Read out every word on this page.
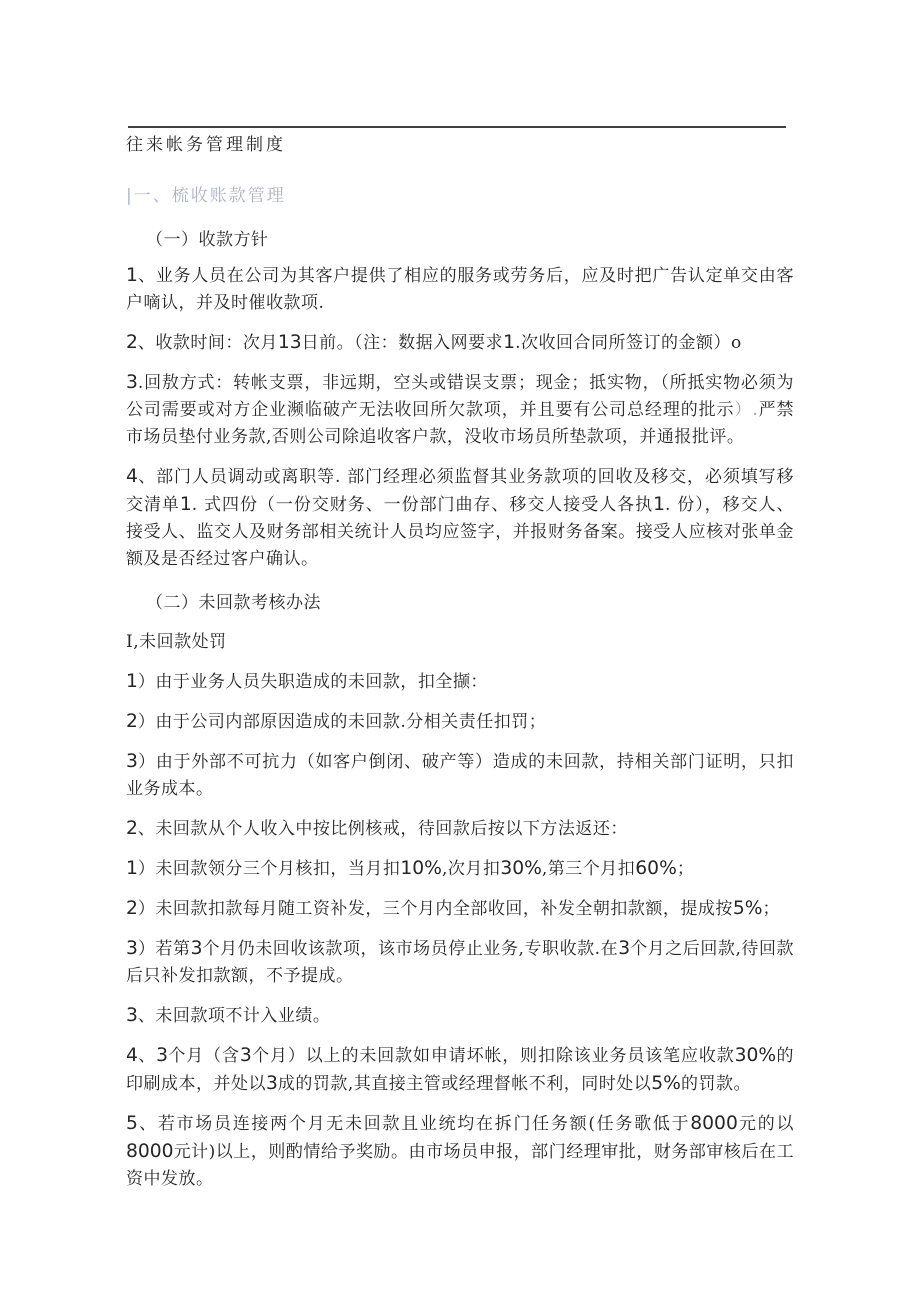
往来帐务管理制度
|一、梳收账款管理

（一）收款方针

1、业务人员在公司为其客户提供了相应的服务或劳务后，应及时把广告认定单交由客户嘀认，并及时催收款项.

2、收款时间：次月13日前。（注：数据入网要求1.次收回合同所签订的金额）o

3.回敖方式：转帐支票，非远期，空头或错误支票；现金；抵实物，（所抵实物必须为公司需要或对方企业濒临破产无法收回所欠款项，并且要有公司总经理的批示）.严禁市场员垫付业务款,否则公司除追收客户款，没收市场员所垫款项，并通报批评。

4、部门人员调动或离职等. 部门经理必须监督其业务款项的回收及移交，必须填写移交清单1. 式四份（一份交财务、一份部门曲存、移交人接受人各执1. 份），移交人、接受人、监交人及财务部相关统计人员均应签字，并报财务备案。接受人应核对张单金额及是否经过客户确认。

（二）未回款考核办法

I,未回款处罚

1）由于业务人员失职造成的未回款，扣全撷：

2）由于公司内部原因造成的未回款.分相关责任扣罚；

3）由于外部不可抗力（如客户倒闭、破产等）造成的未回款，持相关部门证明，只扣业务成本。

2、未回款从个人收入中按比例核戒，待回款后按以下方法返还：

1）未回款领分三个月核扣，当月扣10%,次月扣30%,第三个月扣60%；

2）未回款扣款每月随工资补发，三个月内全部收回，补发全朝扣款额，提成按5%；

3）若第3个月仍未回收该款项，该市场员停止业务,专职收款.在3个月之后回款,待回款后只补发扣款额，不予提成。

3、未回款项不计入业绩。

4、3个月（含3个月）以上的未回款如申请坏帐，则扣除该业务员该笔应收款30%的印刷成本，并处以3成的罚款,其直接主管或经理督帐不利，同时处以5%的罚款。

5、若市场员连接两个月无未回款且业统均在拆门任务额(任务歌低于8000元的以8000元计)以上，则酌情给予奖励。由市场员申报，部门经理审批，财务部审核后在工资中发放。
